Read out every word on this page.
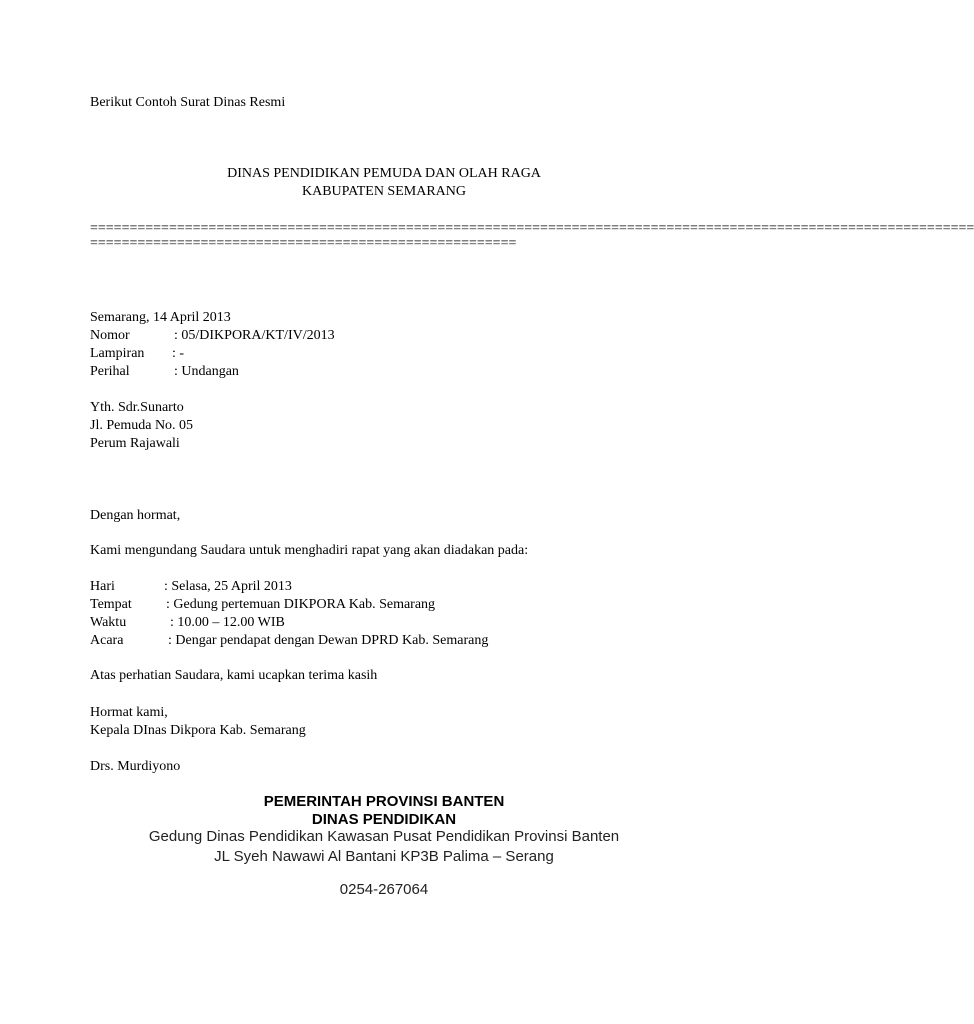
Berikut Contoh Surat Dinas Resmi
DINAS PENDIDIKAN PEMUDA DAN OLAH RAGA
KABUPATEN SEMARANG
================================================================================================================
======================================================
Semarang, 14 April 2013
Nomor	: 05/DIKPORA/KT/IV/2013
Lampiran : -
Perihal	: Undangan
Yth. Sdr.Sunarto
Jl. Pemuda No. 05
Perum Rajawali
Dengan hormat,
Kami mengundang Saudara untuk menghadiri rapat yang akan diadakan pada:
Hari	: Selasa, 25 April 2013
Tempat : Gedung pertemuan DIKPORA Kab. Semarang
Waktu	: 10.00 – 12.00 WIB
Acara	: Dengar pendapat dengan Dewan DPRD Kab. Semarang
Atas perhatian Saudara, kami ucapkan terima kasih
Hormat kami,
Kepala DInas Dikpora Kab. Semarang
Drs. Murdiyono
PEMERINTAH PROVINSI BANTEN
DINAS PENDIDIKAN
Gedung Dinas Pendidikan Kawasan Pusat Pendidikan Provinsi Banten
JL Syeh Nawawi Al Bantani KP3B Palima – Serang
0254-267064
